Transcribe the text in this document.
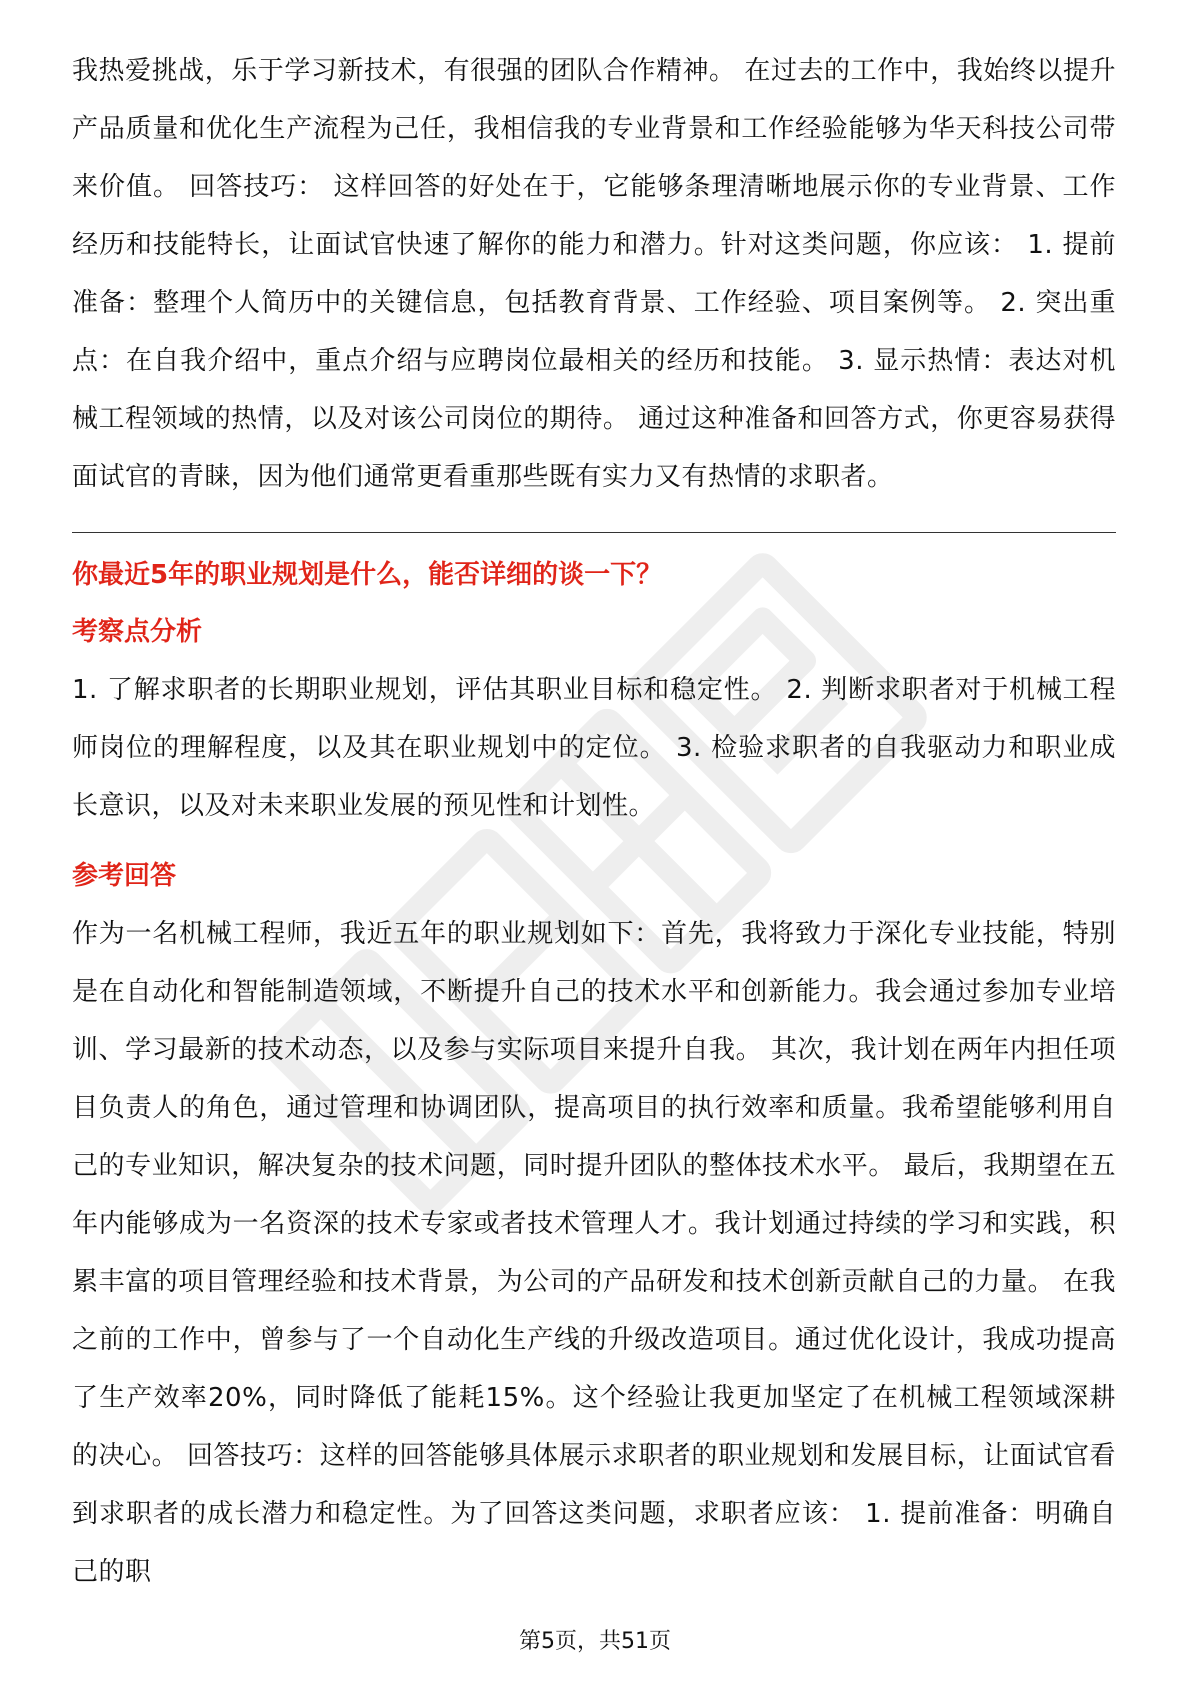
我热爱挑战，乐于学习新技术，有很强的团队合作精神。 在过去的工作中，我始终以提升产品质量和优化生产流程为己任，我相信我的专业背景和工作经验能够为华天科技公司带来价值。 回答技巧： 这样回答的好处在于，它能够条理清晰地展示你的专业背景、工作经历和技能特长，让面试官快速了解你的能力和潜力。针对这类问题，你应该： 1. 提前准备：整理个人简历中的关键信息，包括教育背景、工作经验、项目案例等。 2. 突出重点：在自我介绍中，重点介绍与应聘岗位最相关的经历和技能。 3. 显示热情：表达对机械工程领域的热情，以及对该公司岗位的期待。 通过这种准备和回答方式，你更容易获得面试官的青睐，因为他们通常更看重那些既有实力又有热情的求职者。

你最近5年的职业规划是什么，能否详细的谈一下？

考察点分析

1. 了解求职者的长期职业规划，评估其职业目标和稳定性。 2. 判断求职者对于机械工程师岗位的理解程度，以及其在职业规划中的定位。 3. 检验求职者的自我驱动力和职业成长意识，以及对未来职业发展的预见性和计划性。

参考回答

作为一名机械工程师，我近五年的职业规划如下：首先，我将致力于深化专业技能，特别是在自动化和智能制造领域，不断提升自己的技术水平和创新能力。我会通过参加专业培训、学习最新的技术动态，以及参与实际项目来提升自我。 其次，我计划在两年内担任项目负责人的角色，通过管理和协调团队，提高项目的执行效率和质量。我希望能够利用自己的专业知识，解决复杂的技术问题，同时提升团队的整体技术水平。 最后，我期望在五年内能够成为一名资深的技术专家或者技术管理人才。我计划通过持续的学习和实践，积累丰富的项目管理经验和技术背景，为公司的产品研发和技术创新贡献自己的力量。 在我之前的工作中，曾参与了一个自动化生产线的升级改造项目。通过优化设计，我成功提高了生产效率20%，同时降低了能耗15%。这个经验让我更加坚定了在机械工程领域深耕的决心。 回答技巧：这样的回答能够具体展示求职者的职业规划和发展目标，让面试官看到求职者的成长潜力和稳定性。为了回答这类问题，求职者应该： 1. 提前准备：明确自己的职

第5页，共51页
